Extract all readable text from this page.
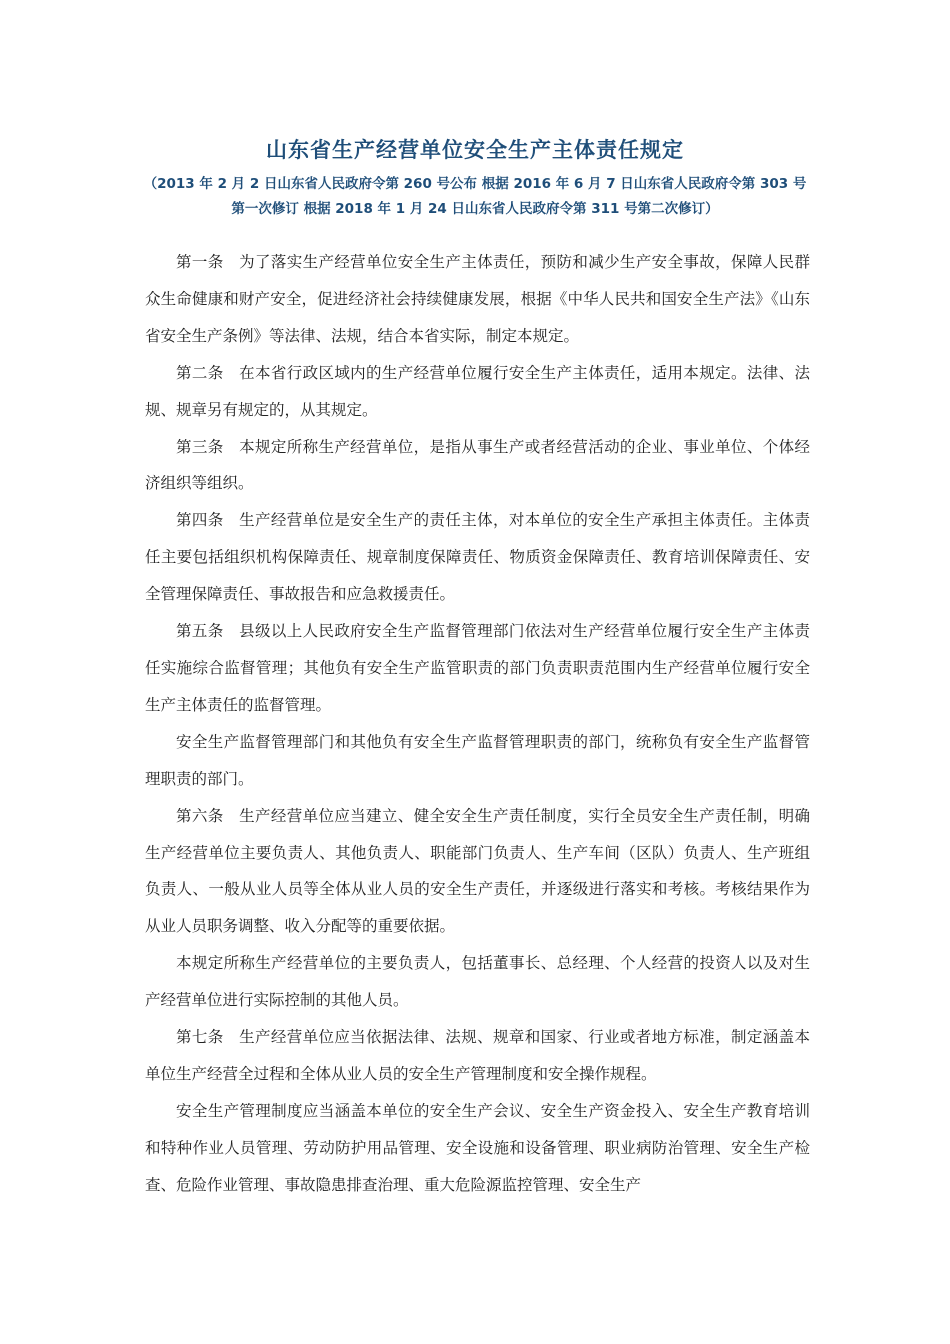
山东省生产经营单位安全生产主体责任规定

（2013 年 2 月 2 日山东省人民政府令第 260 号公布 根据 2016 年 6 月 7 日山东省人民政府令第 303 号
第一次修订 根据 2018 年 1 月 24 日山东省人民政府令第 311 号第二次修订）

第一条 为了落实生产经营单位安全生产主体责任，预防和减少生产安全事故，保障人民群众生命健康和财产安全，促进经济社会持续健康发展，根据《中华人民共和国安全生产法》《山东省安全生产条例》等法律、法规，结合本省实际，制定本规定。

第二条 在本省行政区域内的生产经营单位履行安全生产主体责任，适用本规定。法律、法规、规章另有规定的，从其规定。

第三条 本规定所称生产经营单位，是指从事生产或者经营活动的企业、事业单位、个体经济组织等组织。

第四条 生产经营单位是安全生产的责任主体，对本单位的安全生产承担主体责任。主体责任主要包括组织机构保障责任、规章制度保障责任、物质资金保障责任、教育培训保障责任、安全管理保障责任、事故报告和应急救援责任。

第五条 县级以上人民政府安全生产监督管理部门依法对生产经营单位履行安全生产主体责任实施综合监督管理；其他负有安全生产监管职责的部门负责职责范围内生产经营单位履行安全生产主体责任的监督管理。

安全生产监督管理部门和其他负有安全生产监督管理职责的部门，统称负有安全生产监督管理职责的部门。

第六条 生产经营单位应当建立、健全安全生产责任制度，实行全员安全生产责任制，明确生产经营单位主要负责人、其他负责人、职能部门负责人、生产车间（区队）负责人、生产班组负责人、一般从业人员等全体从业人员的安全生产责任，并逐级进行落实和考核。考核结果作为从业人员职务调整、收入分配等的重要依据。

本规定所称生产经营单位的主要负责人，包括董事长、总经理、个人经营的投资人以及对生产经营单位进行实际控制的其他人员。

第七条 生产经营单位应当依据法律、法规、规章和国家、行业或者地方标准，制定涵盖本单位生产经营全过程和全体从业人员的安全生产管理制度和安全操作规程。

安全生产管理制度应当涵盖本单位的安全生产会议、安全生产资金投入、安全生产教育培训和特种作业人员管理、劳动防护用品管理、安全设施和设备管理、职业病防治管理、安全生产检查、危险作业管理、事故隐患排查治理、重大危险源监控管理、安全生产
